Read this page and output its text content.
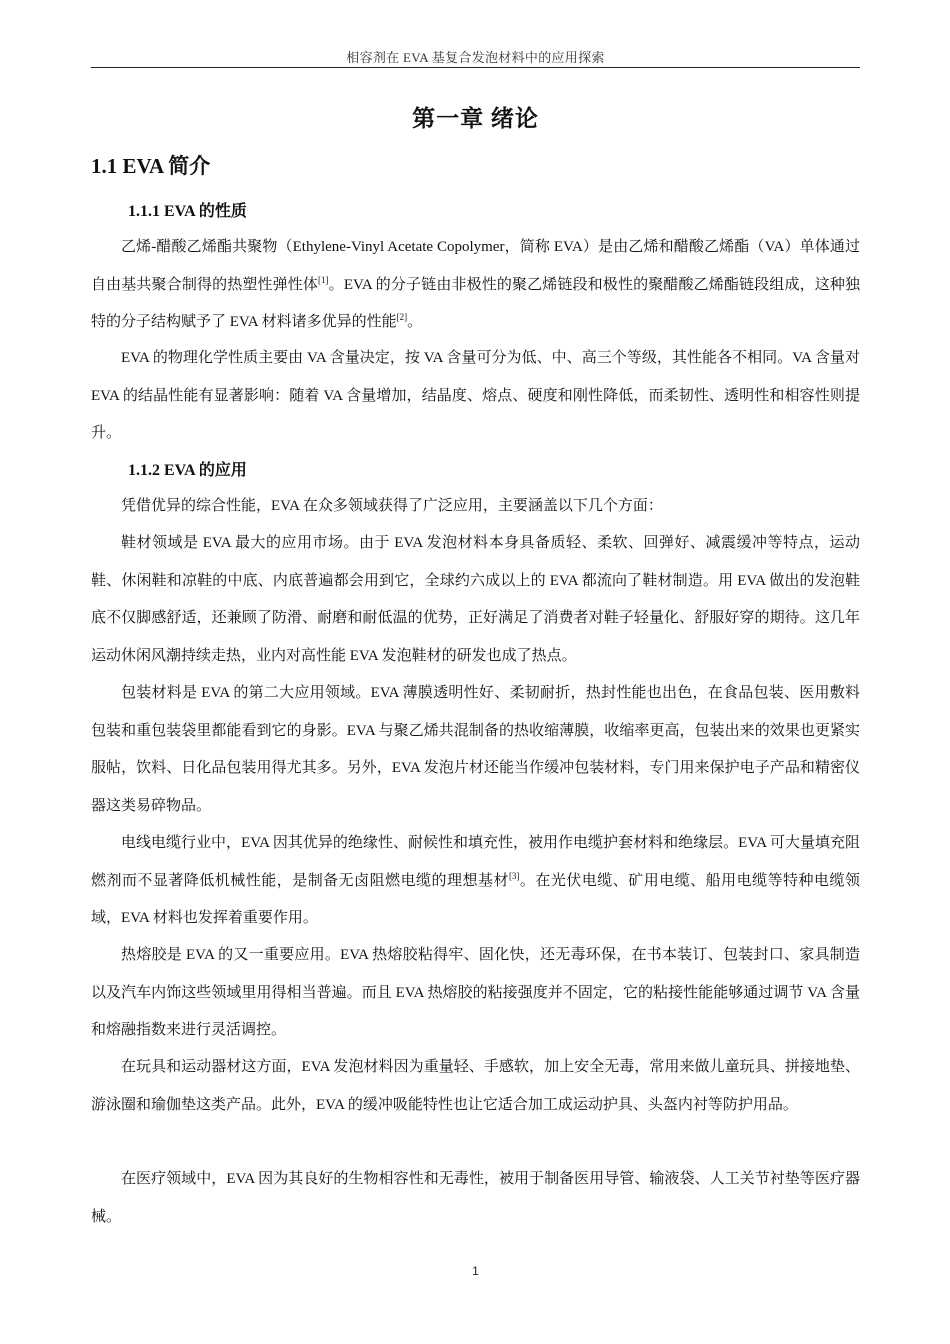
相容剂在 EVA 基复合发泡材料中的应用探索
第一章 绪论
1.1 EVA 简介
1.1.1 EVA 的性质

乙烯-醋酸乙烯酯共聚物（Ethylene-Vinyl Acetate Copolymer，简称 EVA）是由乙烯和醋酸乙烯酯（VA）单体通过自由基共聚合制得的热塑性弹性体[1]。EVA 的分子链由非极性的聚乙烯链段和极性的聚醋酸乙烯酯链段组成，这种独特的分子结构赋予了 EVA 材料诸多优异的性能[2]。

EVA 的物理化学性质主要由 VA 含量决定，按 VA 含量可分为低、中、高三个等级，其性能各不相同。VA 含量对 EVA 的结晶性能有显著影响：随着 VA 含量增加，结晶度、熔点、硬度和刚性降低，而柔韧性、透明性和相容性则提升。

1.1.2 EVA 的应用

凭借优异的综合性能，EVA 在众多领域获得了广泛应用，主要涵盖以下几个方面：

鞋材领域是 EVA 最大的应用市场。由于 EVA 发泡材料本身具备质轻、柔软、回弹好、减震缓冲等特点，运动鞋、休闲鞋和凉鞋的中底、内底普遍都会用到它，全球约六成以上的 EVA 都流向了鞋材制造。用 EVA 做出的发泡鞋底不仅脚感舒适，还兼顾了防滑、耐磨和耐低温的优势，正好满足了消费者对鞋子轻量化、舒服好穿的期待。这几年运动休闲风潮持续走热，业内对高性能 EVA 发泡鞋材的研发也成了热点。

包装材料是 EVA 的第二大应用领域。EVA 薄膜透明性好、柔韧耐折，热封性能也出色，在食品包装、医用敷料包装和重包装袋里都能看到它的身影。EVA 与聚乙烯共混制备的热收缩薄膜，收缩率更高，包装出来的效果也更紧实服帖，饮料、日化品包装用得尤其多。另外，EVA 发泡片材还能当作缓冲包装材料，专门用来保护电子产品和精密仪器这类易碎物品。

电线电缆行业中，EVA 因其优异的绝缘性、耐候性和填充性，被用作电缆护套材料和绝缘层。EVA 可大量填充阻燃剂而不显著降低机械性能，是制备无卤阻燃电缆的理想基材[3]。在光伏电缆、矿用电缆、船用电缆等特种电缆领域，EVA 材料也发挥着重要作用。

热熔胶是 EVA 的又一重要应用。EVA 热熔胶粘得牢、固化快，还无毒环保，在书本装订、包装封口、家具制造以及汽车内饰这些领域里用得相当普遍。而且 EVA 热熔胶的粘接强度并不固定，它的粘接性能能够通过调节 VA 含量和熔融指数来进行灵活调控。

在玩具和运动器材这方面，EVA 发泡材料因为重量轻、手感软，加上安全无毒，常用来做儿童玩具、拼接地垫、游泳圈和瑜伽垫这类产品。此外，EVA 的缓冲吸能特性也让它适合加工成运动护具、头盔内衬等防护用品。

在医疗领域中，EVA 因为其良好的生物相容性和无毒性，被用于制备医用导管、输液袋、人工关节衬垫等医疗器械。

1
